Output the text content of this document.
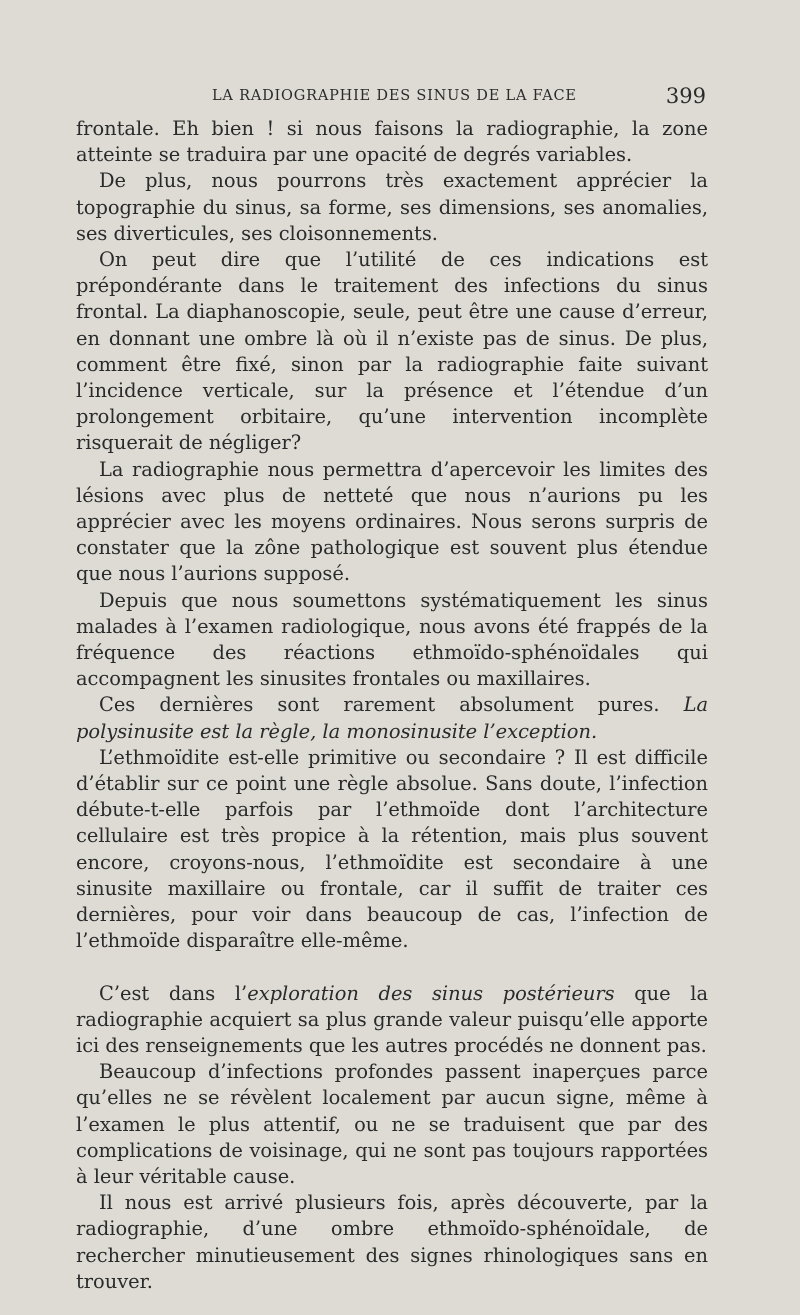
LA RADIOGRAPHIE DES SINUS DE LA FACE	399

frontale. Eh bien ! si nous faisons la radiographie, la zone atteinte se traduira par une opacité de degrés variables.

De plus, nous pourrons très exactement apprécier la topographie du sinus, sa forme, ses dimensions, ses anomalies, ses diverticules, ses cloisonnements.

On peut dire que l’utilité de ces indications est prépondérante dans le traitement des infections du sinus frontal. La diaphanoscopie, seule, peut être une cause d’erreur, en donnant une ombre là où il n’existe pas de sinus. De plus, comment être fixé, sinon par la radiographie faite suivant l’incidence verticale, sur la présence et l’étendue d’un prolongement orbitaire, qu’une intervention incomplète risquerait de négliger?

La radiographie nous permettra d’apercevoir les limites des lésions avec plus de netteté que nous n’aurions pu les apprécier avec les moyens ordinaires. Nous serons surpris de constater que la zône pathologique est souvent plus étendue que nous l’aurions supposé.

Depuis que nous soumettons systématiquement les sinus malades à l’examen radiologique, nous avons été frappés de la fréquence des réactions ethmoïdo-sphénoïdales qui accompagnent les sinusites frontales ou maxillaires.

Ces dernières sont rarement absolument pures. La polysinusite est la règle, la monosinusite l’exception.

L’ethmoïdite est-elle primitive ou secondaire ? Il est difficile d’établir sur ce point une règle absolue. Sans doute, l’infection débute-t-elle parfois par l’ethmoïde dont l’architecture cellulaire est très propice à la rétention, mais plus souvent encore, croyons-nous, l’ethmoïdite est secondaire à une sinusite maxillaire ou frontale, car il suffit de traiter ces dernières, pour voir dans beaucoup de cas, l’infection de l’ethmoïde disparaître elle-même.

C’est dans l’exploration des sinus postérieurs que la radiographie acquiert sa plus grande valeur puisqu’elle apporte ici des renseignements que les autres procédés ne donnent pas.

Beaucoup d’infections profondes passent inaperçues parce qu’elles ne se révèlent localement par aucun signe, même à l’examen le plus attentif, ou ne se traduisent que par des complications de voisinage, qui ne sont pas toujours rapportées à leur véritable cause.

Il nous est arrivé plusieurs fois, après découverte, par la radiographie, d’une ombre ethmoïdo-sphénoïdale, de rechercher minutieusement des signes rhinologiques sans en trouver.
